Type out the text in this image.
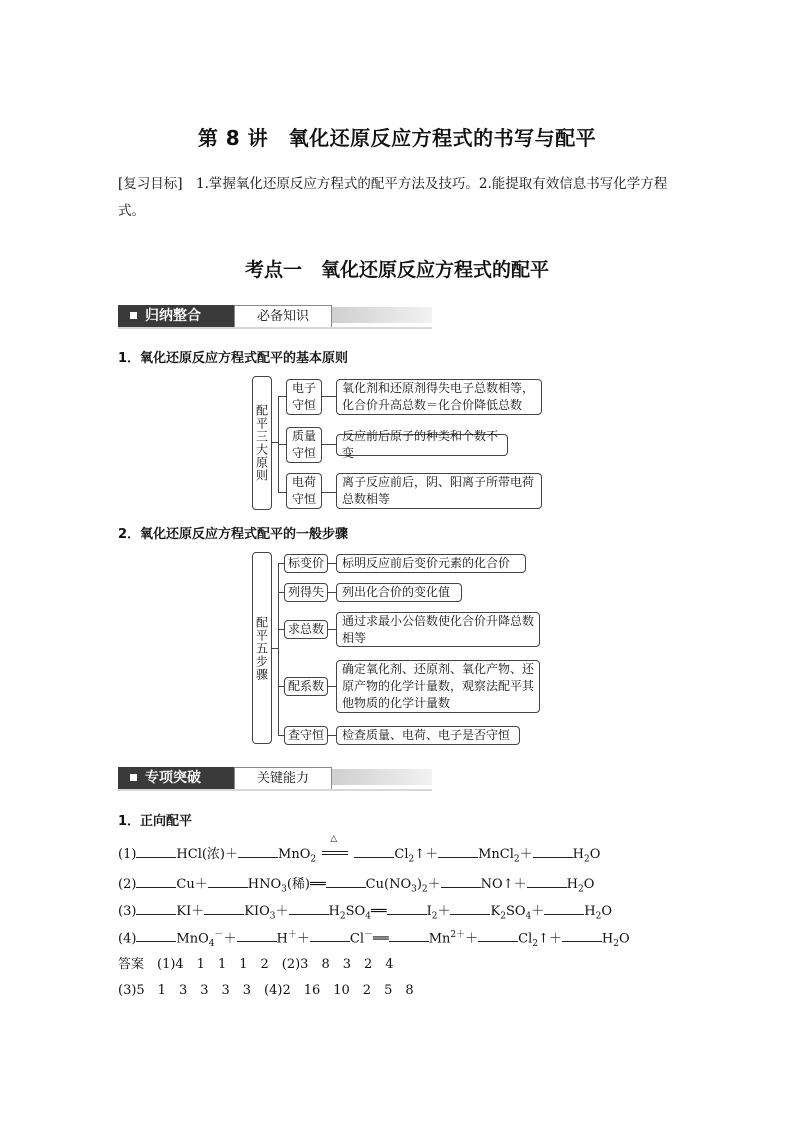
第 8 讲　氧化还原反应方程式的书写与配平
[复习目标]　1.掌握氧化还原反应方程式的配平方法及技巧。2.能提取有效信息书写化学方程式。
考点一　氧化还原反应方程式的配平
归纳整合	必备知识
1．氧化还原反应方程式配平的基本原则
配平三大原则
电子守恒
氧化剂和还原剂得失电子总数相等，化合价升高总数＝化合价降低总数
质量守恒
反应前后原子的种类和个数不变
电荷守恒
离子反应前后，阴、阳离子所带电荷总数相等
2．氧化还原反应方程式配平的一般步骤
配平五步骤
标变价	标明反应前后变价元素的化合价
列得失	列出化合价的变化值
求总数
通过求最小公倍数使化合价升降总数相等
配系数
确定氧化剂、还原剂、氧化产物、还原产物的化学计量数，观察法配平其他物质的化学计量数
查守恒	检查质量、电荷、电子是否守恒
专项突破	关键能力
1．正向配平
(1)	HCl(浓)＋	MnO$_2$
△
$Cl_2↑+$	MnCl$_2$＋	$H_2O$
(2)	Cu＋	$HNO_3$(稀)══	$Cu(NO_3)_2+$	NO↑＋	$H_2O$
(3)	KI＋	$KIO_3+$	$H_2SO_4══$	$I_2+$	$K_2SO_4+$	$H_2O$
(4)	MnO$_4$－＋	H＋＋	Cl－══	$Mn^{2+}+$	$Cl_2↑+$	$H_2O$
答案　(1)4　1　1　1　2　(2)3　8　3　2　4
(3)5　1　3　3　3　3　(4)2　16　10　2　5　8
